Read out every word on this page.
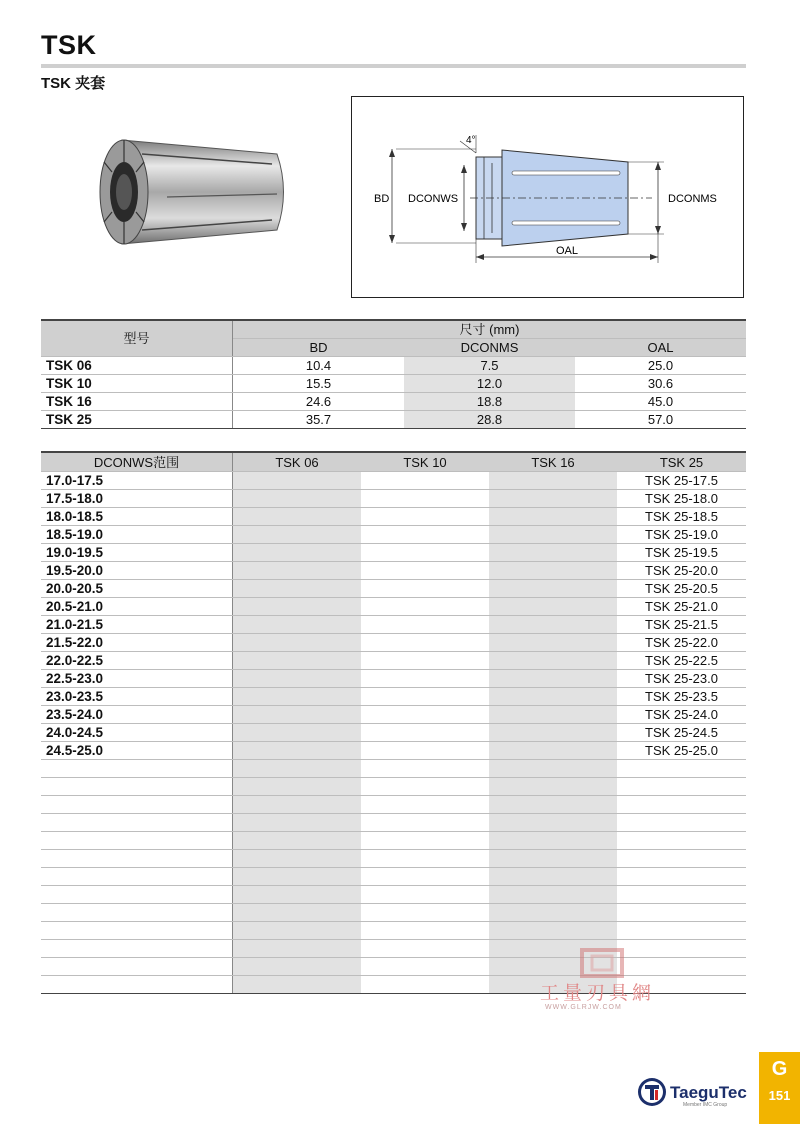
TSK
TSK 夹套
BD DCONWS	DCONMS
OAL
4°
型号	尺寸 (mm)		
	BD	DCONMS	OAL
TSK 06	10.4	7.5	25.0
TSK 10	15.5	12.0	30.6
TSK 16	24.6	18.8	45.0
TSK 25	35.7	28.8	57.0
DCONWS范围	TSK 06	TSK 10	TSK 16	TSK 25
17.0-17.5				TSK 25-17.5
17.5-18.0				TSK 25-18.0
18.0-18.5				TSK 25-18.5
18.5-19.0				TSK 25-19.0
19.0-19.5				TSK 25-19.5
19.5-20.0				TSK 25-20.0
20.0-20.5				TSK 25-20.5
20.5-21.0				TSK 25-21.0
21.0-21.5				TSK 25-21.5
21.5-22.0				TSK 25-22.0
22.0-22.5				TSK 25-22.5
22.5-23.0				TSK 25-23.0
23.0-23.5				TSK 25-23.5
23.5-24.0				TSK 25-24.0
24.0-24.5				TSK 25-24.5
24.5-25.0				TSK 25-25.0

工量刃具網
WWW.GLRJW.COM
TaeguTec
Member IMC Group
G
151
